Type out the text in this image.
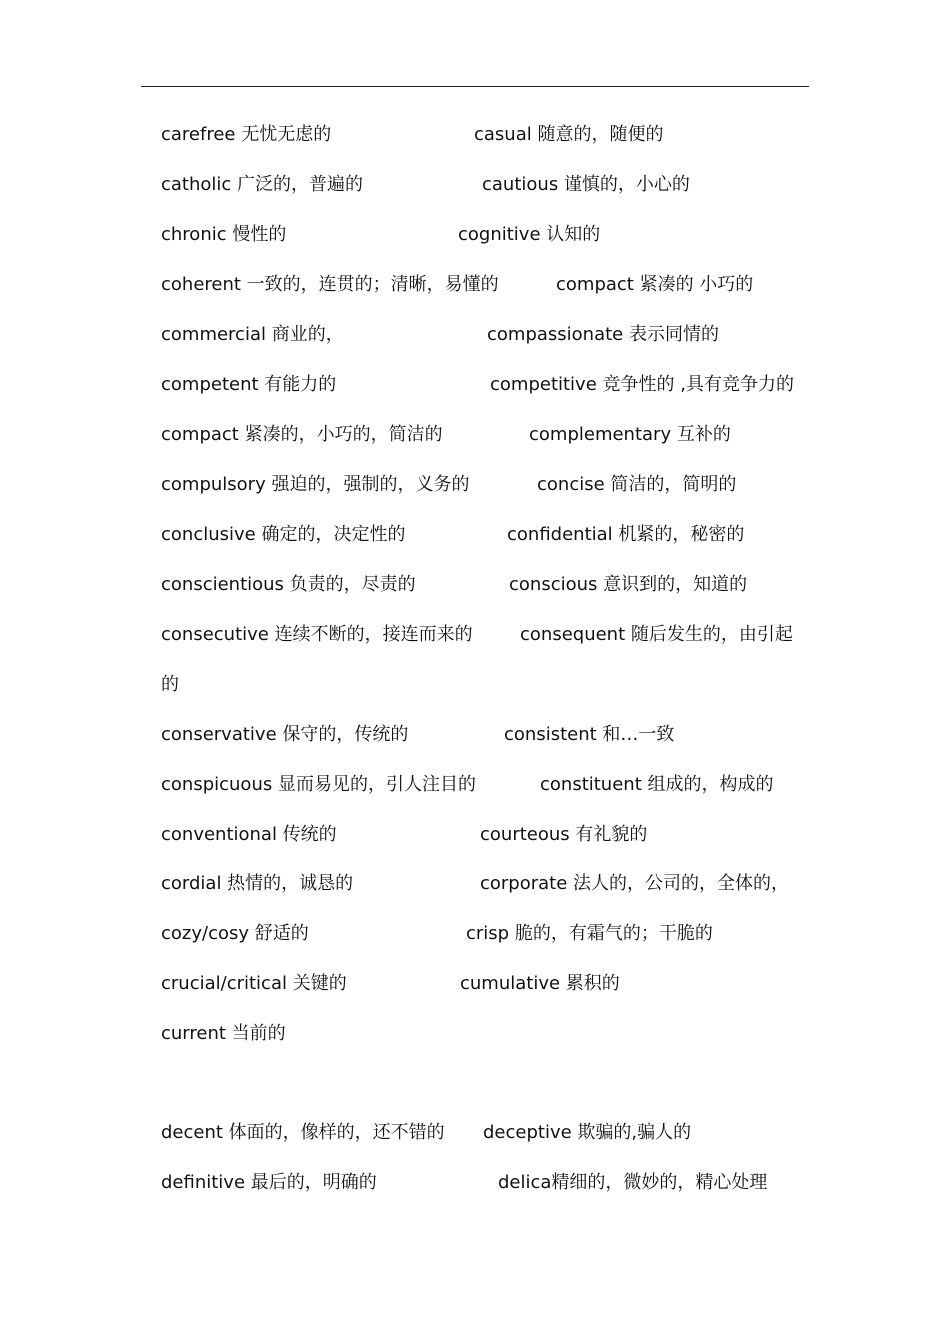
carefree 无忧无虑的	casual 随意的，随便的
catholic 广泛的，普遍的	cautious 谨慎的，小心的
chronic 慢性的	cognitive 认知的
coherent 一致的，连贯的；清晰，易懂的	compact 紧凑的 小巧的
commercial 商业的，	compassionate 表示同情的
competent 有能力的	competitive 竞争性的 ,具有竞争力的
compact 紧凑的，小巧的，简洁的	complementary 互补的
compulsory 强迫的，强制的，义务的	concise 简洁的，简明的
conclusive 确定的，决定性的	confidential 机紧的，秘密的
conscientious 负责的，尽责的	conscious 意识到的，知道的
consecutive 连续不断的，接连而来的	consequent 随后发生的，由引起
的
conservative 保守的，传统的	consistent 和…一致
conspicuous 显而易见的，引人注目的	constituent 组成的，构成的
conventional 传统的	courteous 有礼貌的
cordial 热情的，诚恳的	corporate 法人的，公司的，全体的，
cozy/cosy 舒适的	crisp 脆的，有霜气的；干脆的
crucial/critical 关键的	cumulative 累积的
current 当前的
decent 体面的，像样的，还不错的 deceptive 欺骗的,骗人的
definitive 最后的，明确的	delica精细的，微妙的，精心处理
